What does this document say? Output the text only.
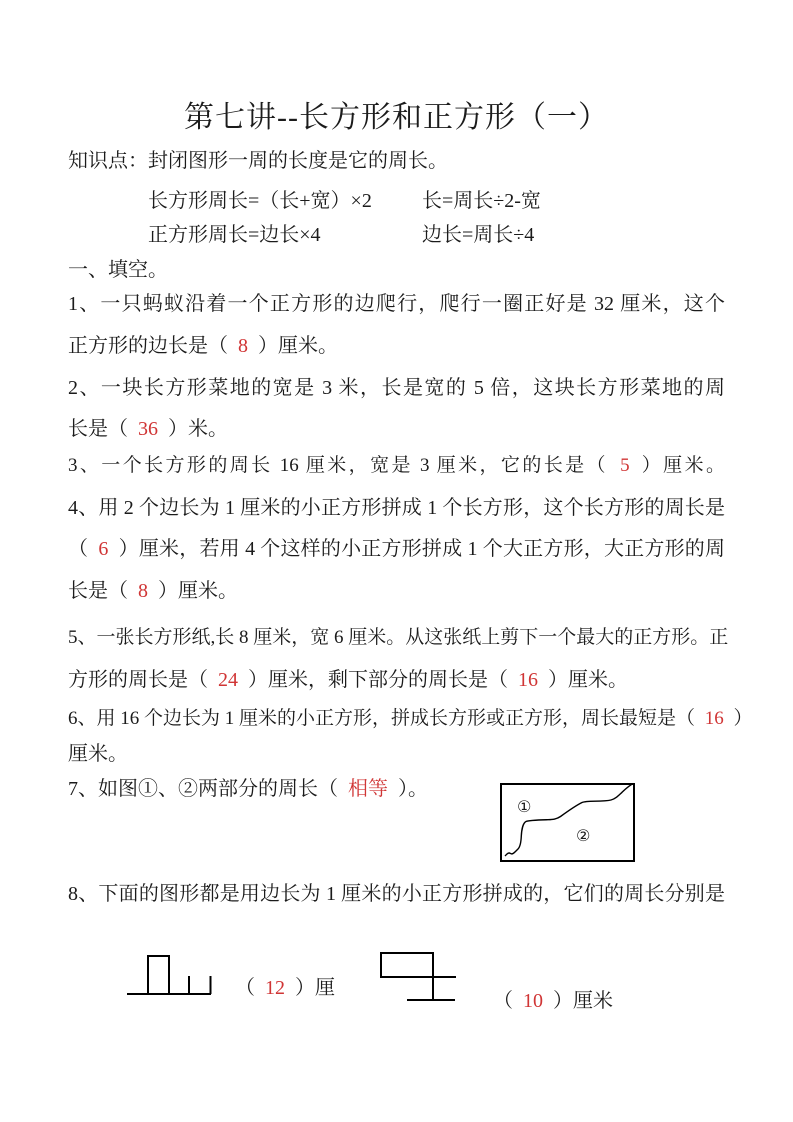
第七讲--长方形和正方形（一）
知识点：封闭图形一周的长度是它的周长。
长方形周长=（长+宽）×2	长=周长÷2-宽
正方形周长=边长×4	边长=周长÷4
一、填空。
1、一只蚂蚁沿着一个正方形的边爬行，爬行一圈正好是 32 厘米，这个
正方形的边长是（ 8 ）厘米。
2、一块长方形菜地的宽是 3 米，长是宽的 5 倍，这块长方形菜地的周
长是（ 36 ）米。
3、一个长方形的周长 16 厘米，宽是 3 厘米，它的长是（ 5 ）厘米。
4、用 2 个边长为 1 厘米的小正方形拼成 1 个长方形，这个长方形的周长是
（ 6 ）厘米，若用 4 个这样的小正方形拼成 1 个大正方形，大正方形的周
长是（ 8 ）厘米。
5、一张长方形纸,长 8 厘米，宽 6 厘米。从这张纸上剪下一个最大的正方形。正
方形的周长是（ 24 ）厘米，剩下部分的周长是（ 16 ）厘米。
6、用 16 个边长为 1 厘米的小正方形，拼成长方形或正方形，周长最短是（ 16 ）
厘米。
7、如图①、②两部分的周长（ 相等 ）。
①
②
8、下面的图形都是用边长为 1 厘米的小正方形拼成的，它们的周长分别是
（ 12 ）厘
（ 10 ）厘米
